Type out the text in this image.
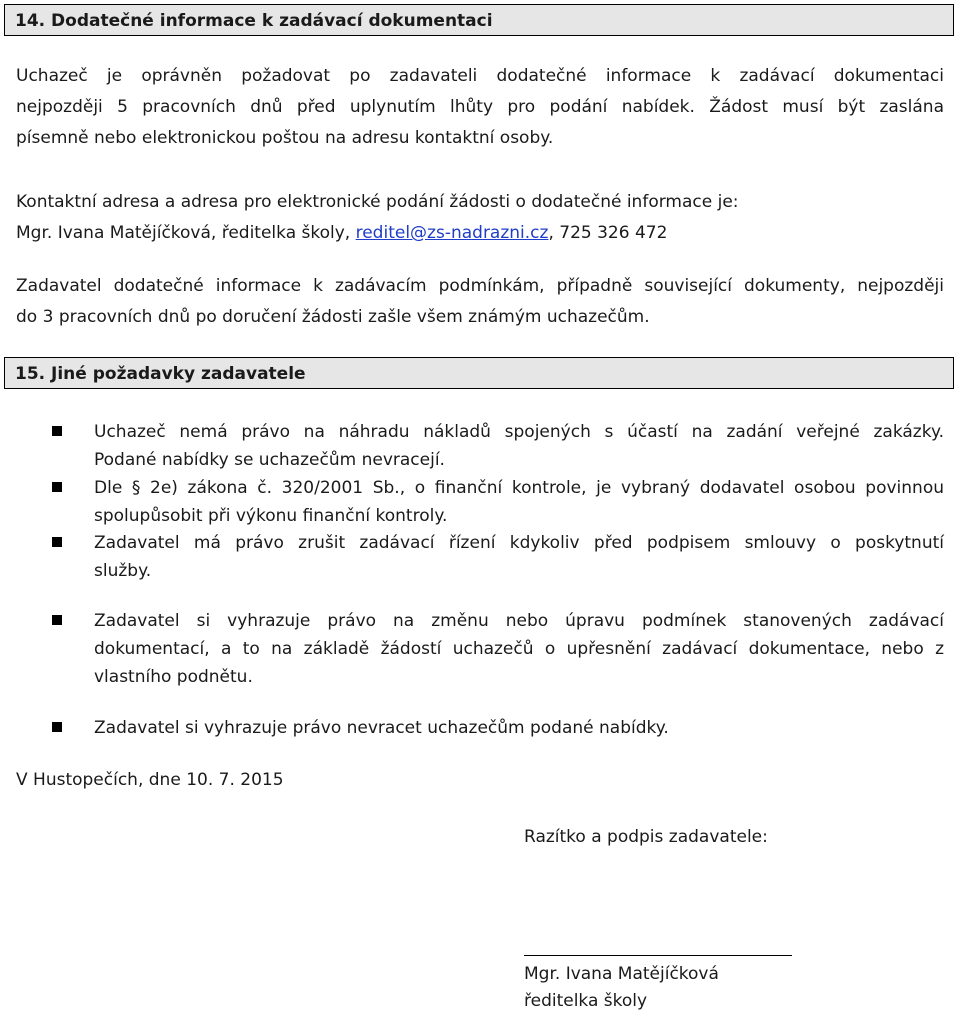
14. Dodatečné informace k zadávací dokumentaci
Uchazeč je oprávněn požadovat po zadavateli dodatečné informace k zadávací dokumentaci
nejpozději 5 pracovních dnů před uplynutím lhůty pro podání nabídek. Žádost musí být zaslána
písemně nebo elektronickou poštou na adresu kontaktní osoby.
Kontaktní adresa a adresa pro elektronické podání žádosti o dodatečné informace je:
Mgr. Ivana Matějíčková, ředitelka školy, reditel@zs-nadrazni.cz, 725 326 472
Zadavatel dodatečné informace k zadávacím podmínkám, případně související dokumenty, nejpozději
do 3 pracovních dnů po doručení žádosti zašle všem známým uchazečům.
15. Jiné požadavky zadavatele
Uchazeč nemá právo na náhradu nákladů spojených s účastí na zadání veřejné zakázky.
Podané nabídky se uchazečům nevracejí.
Dle § 2e) zákona č. 320/2001 Sb., o finanční kontrole, je vybraný dodavatel osobou povinnou
spolupůsobit při výkonu finanční kontroly.
Zadavatel má právo zrušit zadávací řízení kdykoliv před podpisem smlouvy o poskytnutí
služby.
Zadavatel si vyhrazuje právo na změnu nebo úpravu podmínek stanovených zadávací
dokumentací, a to na základě žádostí uchazečů o upřesnění zadávací dokumentace, nebo z
vlastního podnětu.
Zadavatel si vyhrazuje právo nevracet uchazečům podané nabídky.
V Hustopečích, dne 10. 7. 2015
Razítko a podpis zadavatele:
Mgr. Ivana Matějíčková
ředitelka školy
